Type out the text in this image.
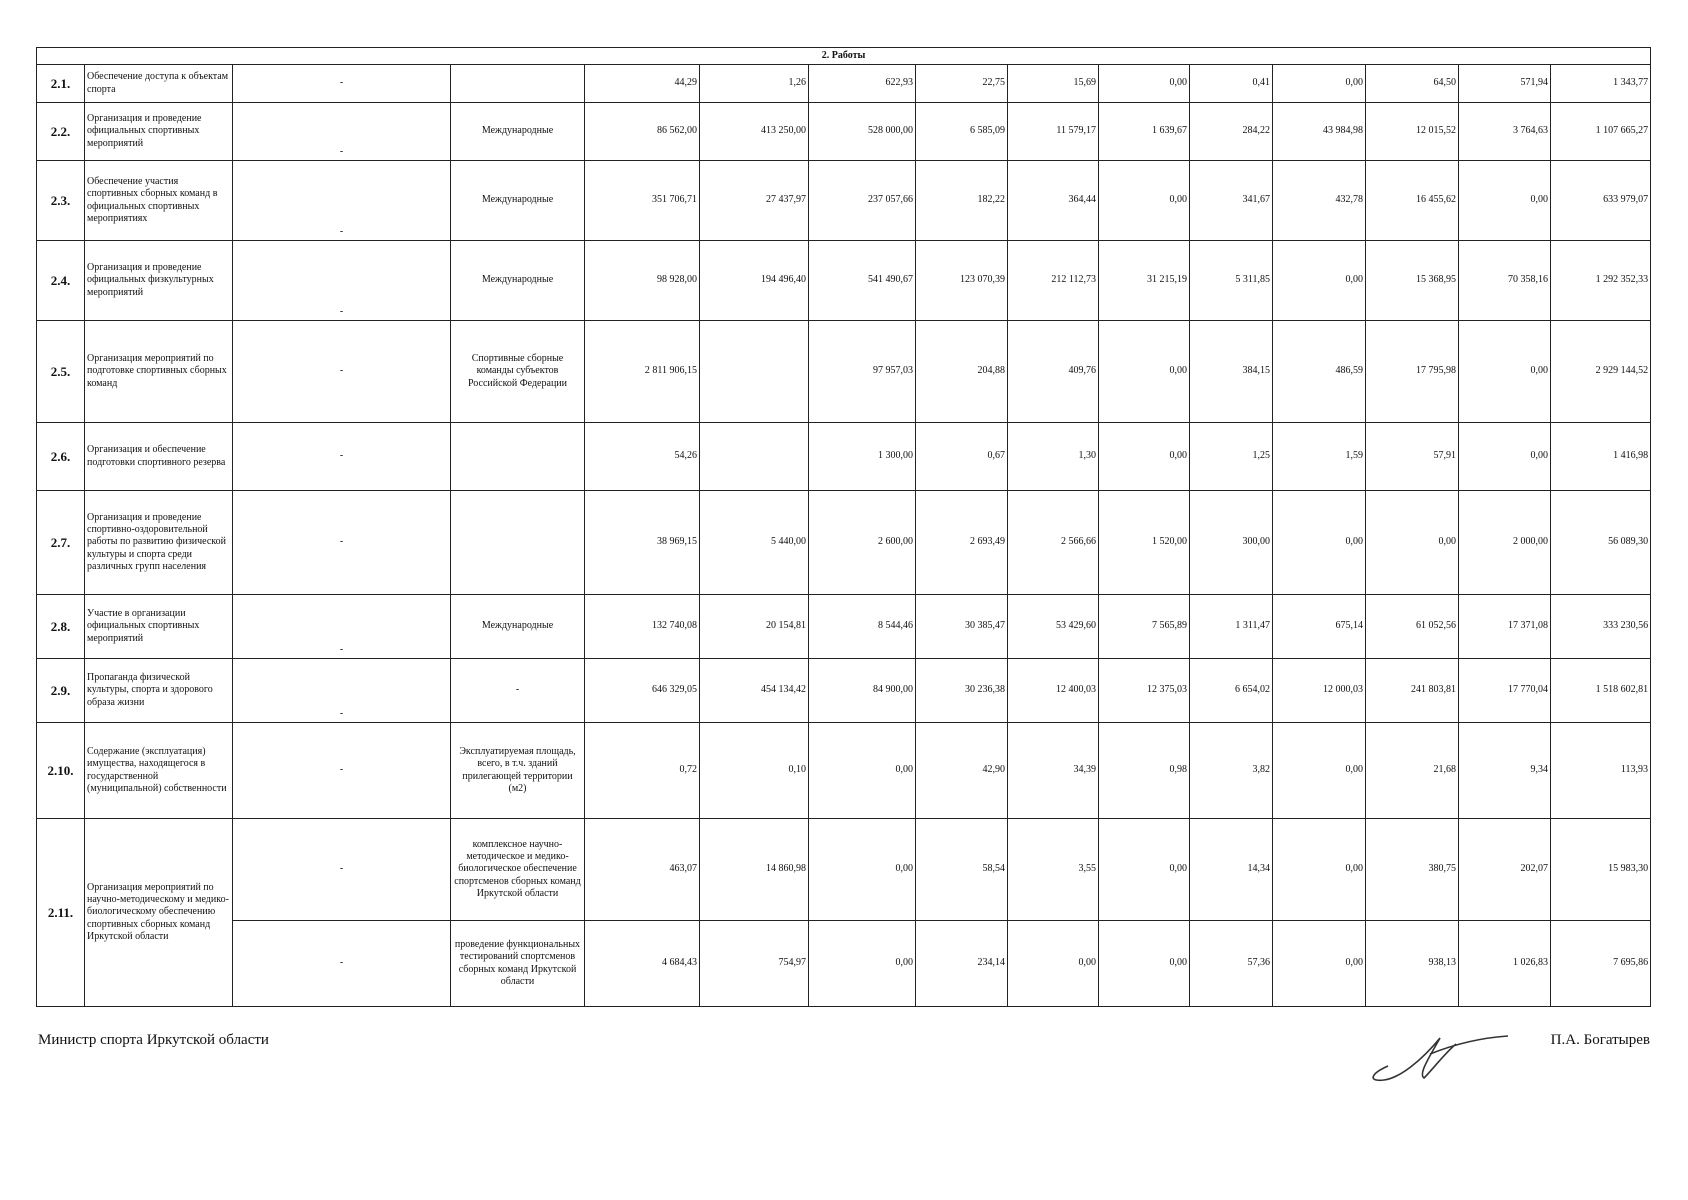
2. Работы														
2.1.	Обеспечение доступа к объектам спорта	-		44,29	1,26	622,93	22,75	15,69	0,00	0,41	0,00	64,50	571,94	1 343,77
2.2.	Организация и проведение официальных спортивных мероприятий	-	Международные	86 562,00	413 250,00	528 000,00	6 585,09	11 579,17	1 639,67	284,22	43 984,98	12 015,52	3 764,63	1 107 665,27
2.3.	Обеспечение участия спортивных сборных команд в официальных спортивных мероприятиях	-	Международные	351 706,71	27 437,97	237 057,66	182,22	364,44	0,00	341,67	432,78	16 455,62	0,00	633 979,07
2.4.	Организация и проведение официальных физкультурных мероприятий	-	Международные	98 928,00	194 496,40	541 490,67	123 070,39	212 112,73	31 215,19	5 311,85	0,00	15 368,95	70 358,16	1 292 352,33
2.5.	Организация мероприятий по подготовке спортивных сборных команд	-	Спортивные сборные команды субъектов Российской Федерации	2 811 906,15		97 957,03	204,88	409,76	0,00	384,15	486,59	17 795,98	0,00	2 929 144,52
2.6.	Организация и обеспечение подготовки спортивного резерва	-		54,26		1 300,00	0,67	1,30	0,00	1,25	1,59	57,91	0,00	1 416,98
2.7.	Организация и проведение спортивно-оздоровительной работы по развитию физической культуры и спорта среди различных групп населения	-		38 969,15	5 440,00	2 600,00	2 693,49	2 566,66	1 520,00	300,00	0,00	0,00	2 000,00	56 089,30
2.8.	Участие в организации официальных спортивных мероприятий	-	Международные	132 740,08	20 154,81	8 544,46	30 385,47	53 429,60	7 565,89	1 311,47	675,14	61 052,56	17 371,08	333 230,56
2.9.	Пропаганда физической культуры, спорта и здорового образа жизни	-	-	646 329,05	454 134,42	84 900,00	30 236,38	12 400,03	12 375,03	6 654,02	12 000,03	241 803,81	17 770,04	1 518 602,81
2.10.	Содержание (эксплуатация) имущества, находящегося в государственной (муниципальной) собственности	-	Эксплуатируемая площадь, всего, в т.ч. зданий прилегающей территории (м2)	0,72	0,10	0,00	42,90	34,39	0,98	3,82	0,00	21,68	9,34	113,93
2.11.	Организация мероприятий по научно-методическому и медико-биологическому обеспечению спортивных сборных команд Иркутской области	-	комплексное научно-методическое и медико-биологическое обеспечение спортсменов сборных команд Иркутской области	463,07	14 860,98	0,00	58,54	3,55	0,00	14,34	0,00	380,75	202,07	15 983,30
		-	проведение функциональных тестирований спортсменов сборных команд Иркутской области	4 684,43	754,97	0,00	234,14	0,00	0,00	57,36	0,00	938,13	1 026,83	7 695,86
Министр спорта Иркутской области	П.А. Богатырев
